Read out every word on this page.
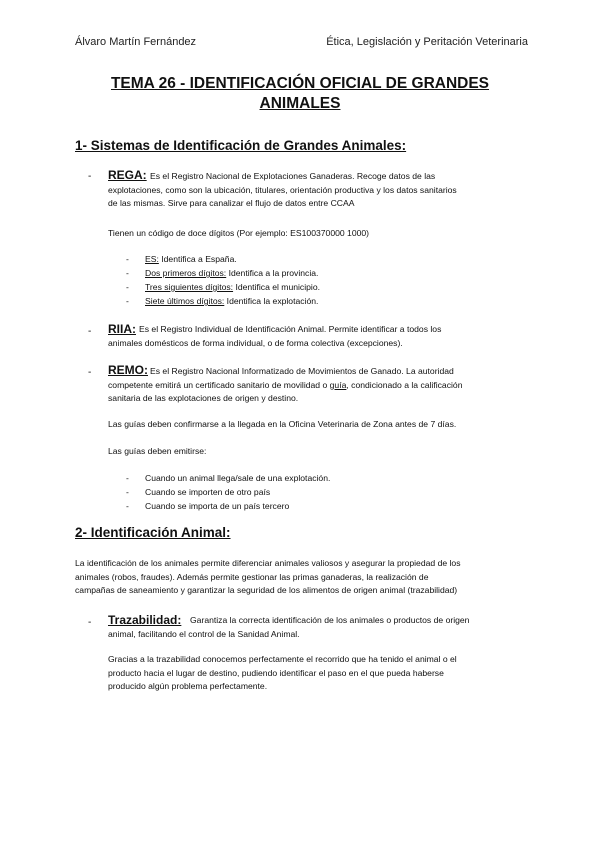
Álvaro Martín Fernández	Ética, Legislación y Peritación Veterinaria
TEMA 26 - IDENTIFICACIÓN OFICIAL DE GRANDES
ANIMALES
1- Sistemas de Identificación de Grandes Animales:
- REGA: Es el Registro Nacional de Explotaciones Ganaderas. Recoge datos de las
explotaciones, como son la ubicación, titulares, orientación productiva y los datos sanitarios
de las mismas. Sirve para canalizar el flujo de datos entre CCAA
Tienen un código de doce dígitos (Por ejemplo: ES100370000 1000)
- ES: Identifica a España.
- Dos primeros dígitos: Identifica a la provincia.
- Tres siguientes dígitos: Identifica el municipio.
- Siete últimos dígitos: Identifica la explotación.
- RIIA: Es el Registro Individual de Identificación Animal. Permite identificar a todos los
animales domésticos de forma individual, o de forma colectiva (excepciones).
- REMO: Es el Registro Nacional Informatizado de Movimientos de Ganado. La autoridad
competente emitirá un certificado sanitario de movilidad o guía, condicionado a la calificación
sanitaria de las explotaciones de origen y destino.
Las guías deben confirmarse a la llegada en la Oficina Veterinaria de Zona antes de 7 días.
Las guías deben emitirse:
- Cuando un animal llega/sale de una explotación.
- Cuando se importen de otro país
- Cuando se importa de un país tercero
2- Identificación Animal:
La identificación de los animales permite diferenciar animales valiosos y asegurar la propiedad de los
animales (robos, fraudes). Además permite gestionar las primas ganaderas, la realización de
campañas de saneamiento y garantizar la seguridad de los alimentos de origen animal (trazabilidad)
- Trazabilidad: Garantiza la correcta identificación de los animales o productos de origen
animal, facilitando el control de la Sanidad Animal.
Gracias a la trazabilidad conocemos perfectamente el recorrido que ha tenido el animal o el
producto hacia el lugar de destino, pudiendo identificar el paso en el que pueda haberse
producido algún problema perfectamente.
